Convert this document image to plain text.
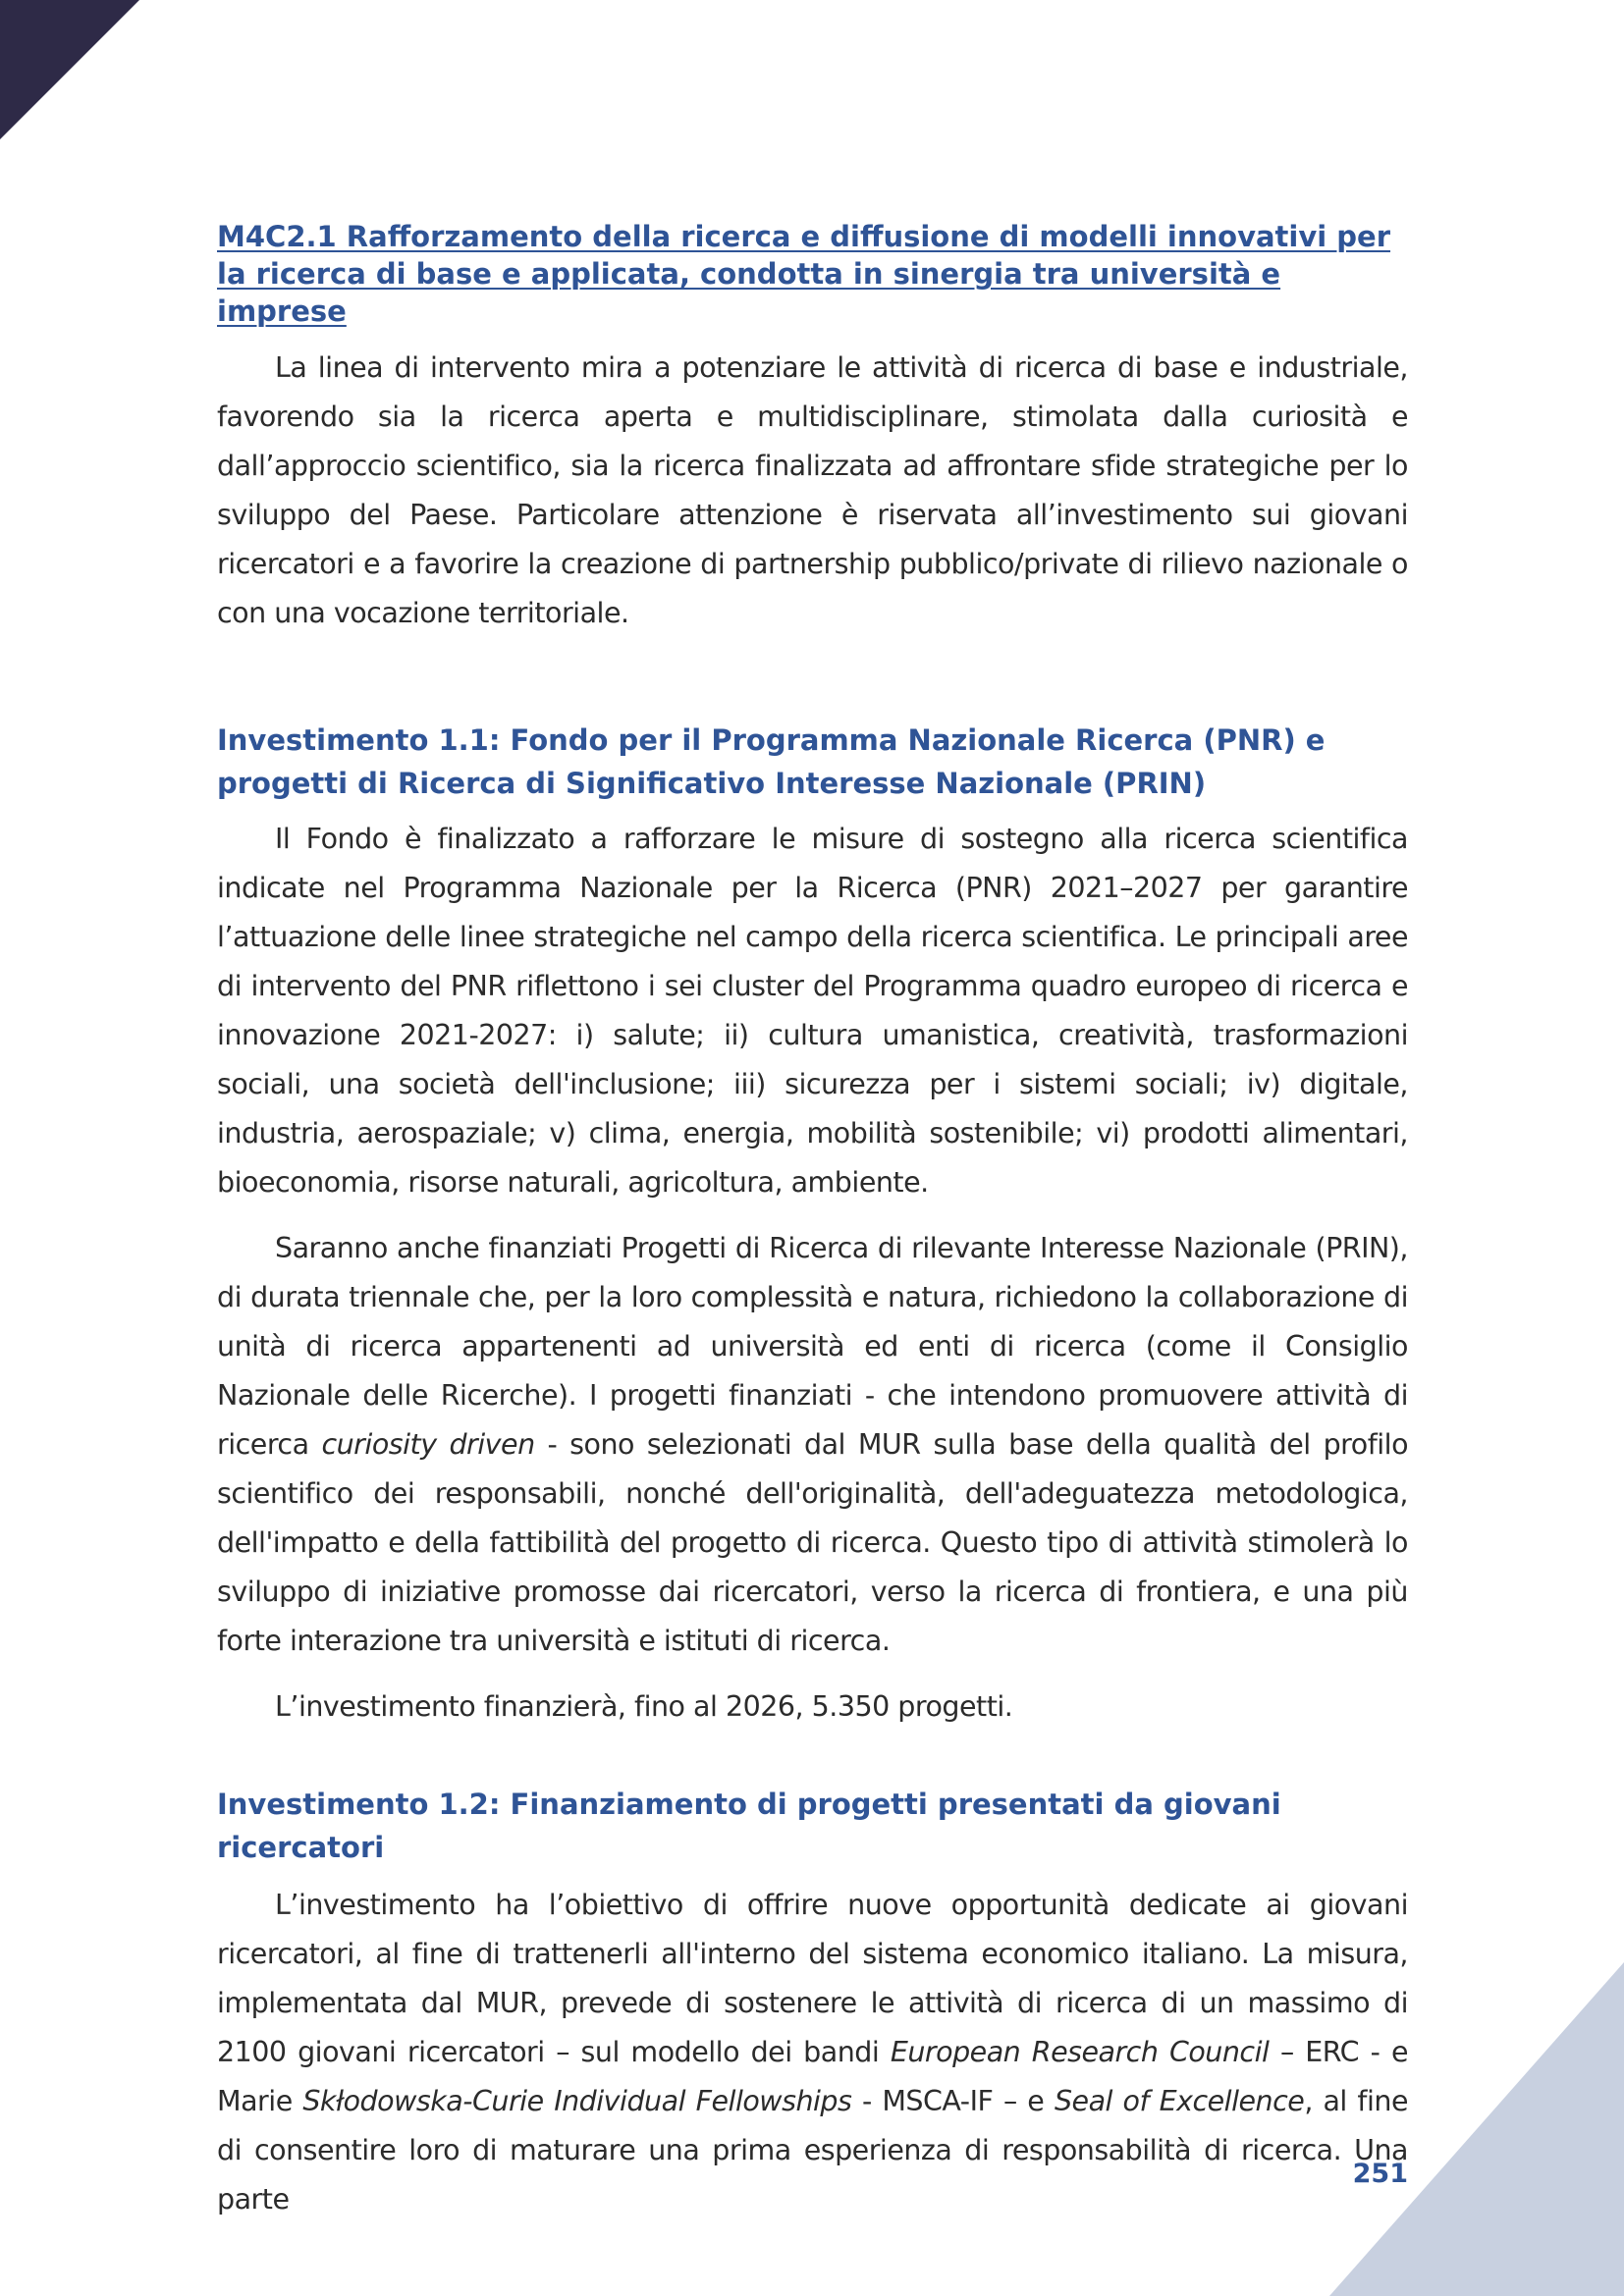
M4C2.1 Rafforzamento della ricerca e diffusione di modelli innovativi per la ricerca di base e applicata, condotta in sinergia tra università e imprese

La linea di intervento mira a potenziare le attività di ricerca di base e industriale, favorendo sia la ricerca aperta e multidisciplinare, stimolata dalla curiosità e dall’approccio scientifico, sia la ricerca finalizzata ad affrontare sfide strategiche per lo sviluppo del Paese. Particolare attenzione è riservata all’investimento sui giovani ricercatori e a favorire la creazione di partnership pubblico/private di rilievo nazionale o con una vocazione territoriale.

Investimento 1.1: Fondo per il Programma Nazionale Ricerca (PNR) e progetti di Ricerca di Significativo Interesse Nazionale (PRIN)

Il Fondo è finalizzato a rafforzare le misure di sostegno alla ricerca scientifica indicate nel Programma Nazionale per la Ricerca (PNR) 2021–2027 per garantire l’attuazione delle linee strategiche nel campo della ricerca scientifica. Le principali aree di intervento del PNR riflettono i sei cluster del Programma quadro europeo di ricerca e innovazione 2021-2027: i) salute; ii) cultura umanistica, creatività, trasformazioni sociali, una società dell'inclusione; iii) sicurezza per i sistemi sociali; iv) digitale, industria, aerospaziale; v) clima, energia, mobilità sostenibile; vi) prodotti alimentari, bioeconomia, risorse naturali, agricoltura, ambiente.

Saranno anche finanziati Progetti di Ricerca di rilevante Interesse Nazionale (PRIN), di durata triennale che, per la loro complessità e natura, richiedono la collaborazione di unità di ricerca appartenenti ad università ed enti di ricerca (come il Consiglio Nazionale delle Ricerche). I progetti finanziati - che intendono promuovere attività di ricerca curiosity driven - sono selezionati dal MUR sulla base della qualità del profilo scientifico dei responsabili, nonché dell'originalità, dell'adeguatezza metodologica, dell'impatto e della fattibilità del progetto di ricerca. Questo tipo di attività stimolerà lo sviluppo di iniziative promosse dai ricercatori, verso la ricerca di frontiera, e una più forte interazione tra università e istituti di ricerca.

L’investimento finanzierà, fino al 2026, 5.350 progetti.

Investimento 1.2: Finanziamento di progetti presentati da giovani ricercatori

L’investimento ha l’obiettivo di offrire nuove opportunità dedicate ai giovani ricercatori, al fine di trattenerli all'interno del sistema economico italiano. La misura, implementata dal MUR, prevede di sostenere le attività di ricerca di un massimo di 2100 giovani ricercatori – sul modello dei bandi European Research Council – ERC - e Marie Skłodowska-Curie Individual Fellowships - MSCA-IF – e Seal of Excellence, al fine di consentire loro di maturare una prima esperienza di responsabilità di ricerca. Una parte

251
